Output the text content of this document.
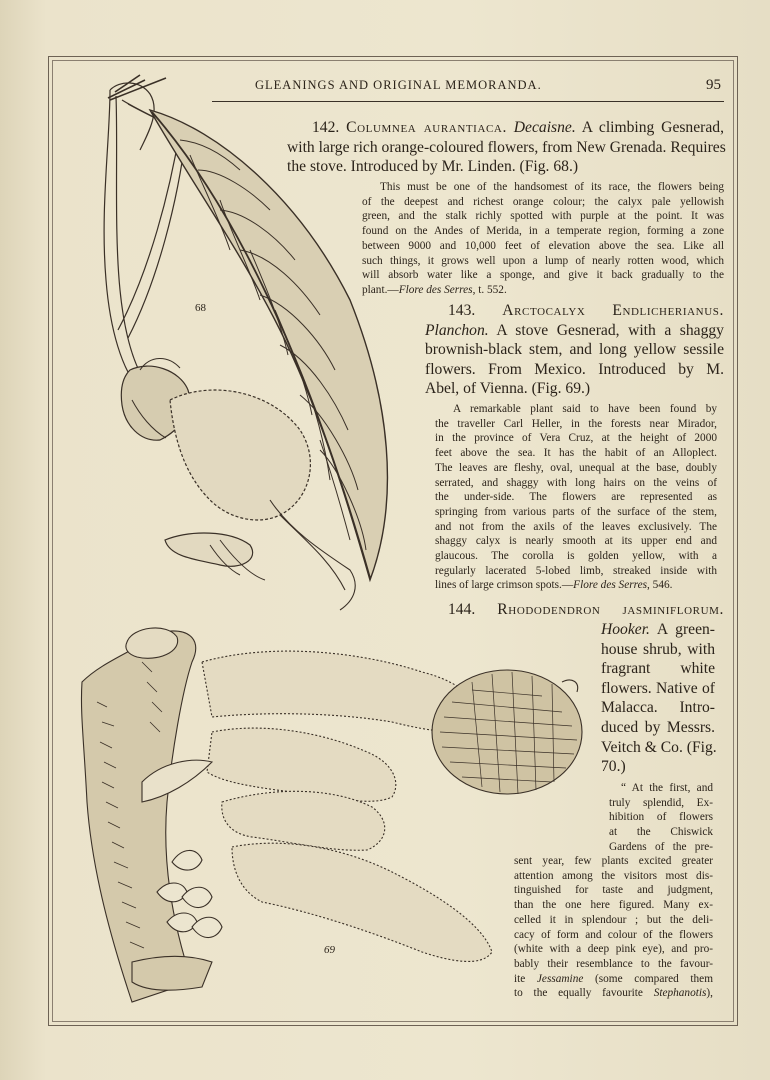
GLEANINGS AND ORIGINAL MEMORANDA.	95
68
69
142. Columnea aurantiaca. Decaisne. A climbing Gesnerad,
with large rich orange-coloured flowers, from New Grenada. Requires
the stove. Introduced by Mr. Linden. (Fig. 68.)
This must be one of the handsomest of its race, the flowers being
of the deepest and richest orange colour; the calyx pale yellowish
green, and the stalk richly spotted with purple at the point. It was
found on the Andes of Merida, in a temperate region, forming a zone
between 9000 and 10,000 feet of elevation above the sea. Like all
such things, it grows well upon a lump of nearly rotten wood, which
will absorb water like a sponge, and give it back gradually to the
plant.—Flore des Serres, t. 552.
143. Arctocalyx Endlicherianus.
Planchon. A stove Gesnerad, with a shaggy
brownish-black stem, and long yellow sessile
flowers. From Mexico. Introduced by M.
Abel, of Vienna. (Fig. 69.)
A remarkable plant said to have been found by
the traveller Carl Heller, in the forests near Mirador,
in the province of Vera Cruz, at the height of 2000
feet above the sea. It has the habit of an Alloplect.
The leaves are fleshy, oval, unequal at the base, doubly
serrated, and shaggy with long hairs on the veins of
the under-side. The flowers are represented as
springing from various parts of the surface of the stem,
and not from the axils of the leaves exclusively. The
shaggy calyx is nearly smooth at its upper end and
glaucous. The corolla is golden yellow, with a
regularly lacerated 5-lobed limb, streaked inside with
lines of large crimson spots.—Flore des Serres, 546.
144. Rhododendron jasminiflorum.
Hooker. A green-
house shrub, with
fragrant white
flowers. Native of
Malacca. Intro-
duced by Messrs.
Veitch & Co. (Fig.
70.)
“ At the first, and
truly splendid, Ex-
hibition of flowers
at the Chiswick
Gardens of the pre-
sent year, few plants excited greater
attention among the visitors most dis-
tinguished for taste and judgment,
than the one here figured. Many ex-
celled it in splendour ; but the deli-
cacy of form and colour of the flowers
(white with a deep pink eye), and pro-
bably their resemblance to the favour-
ite Jessamine (some compared them
to the equally favourite Stephanotis),
